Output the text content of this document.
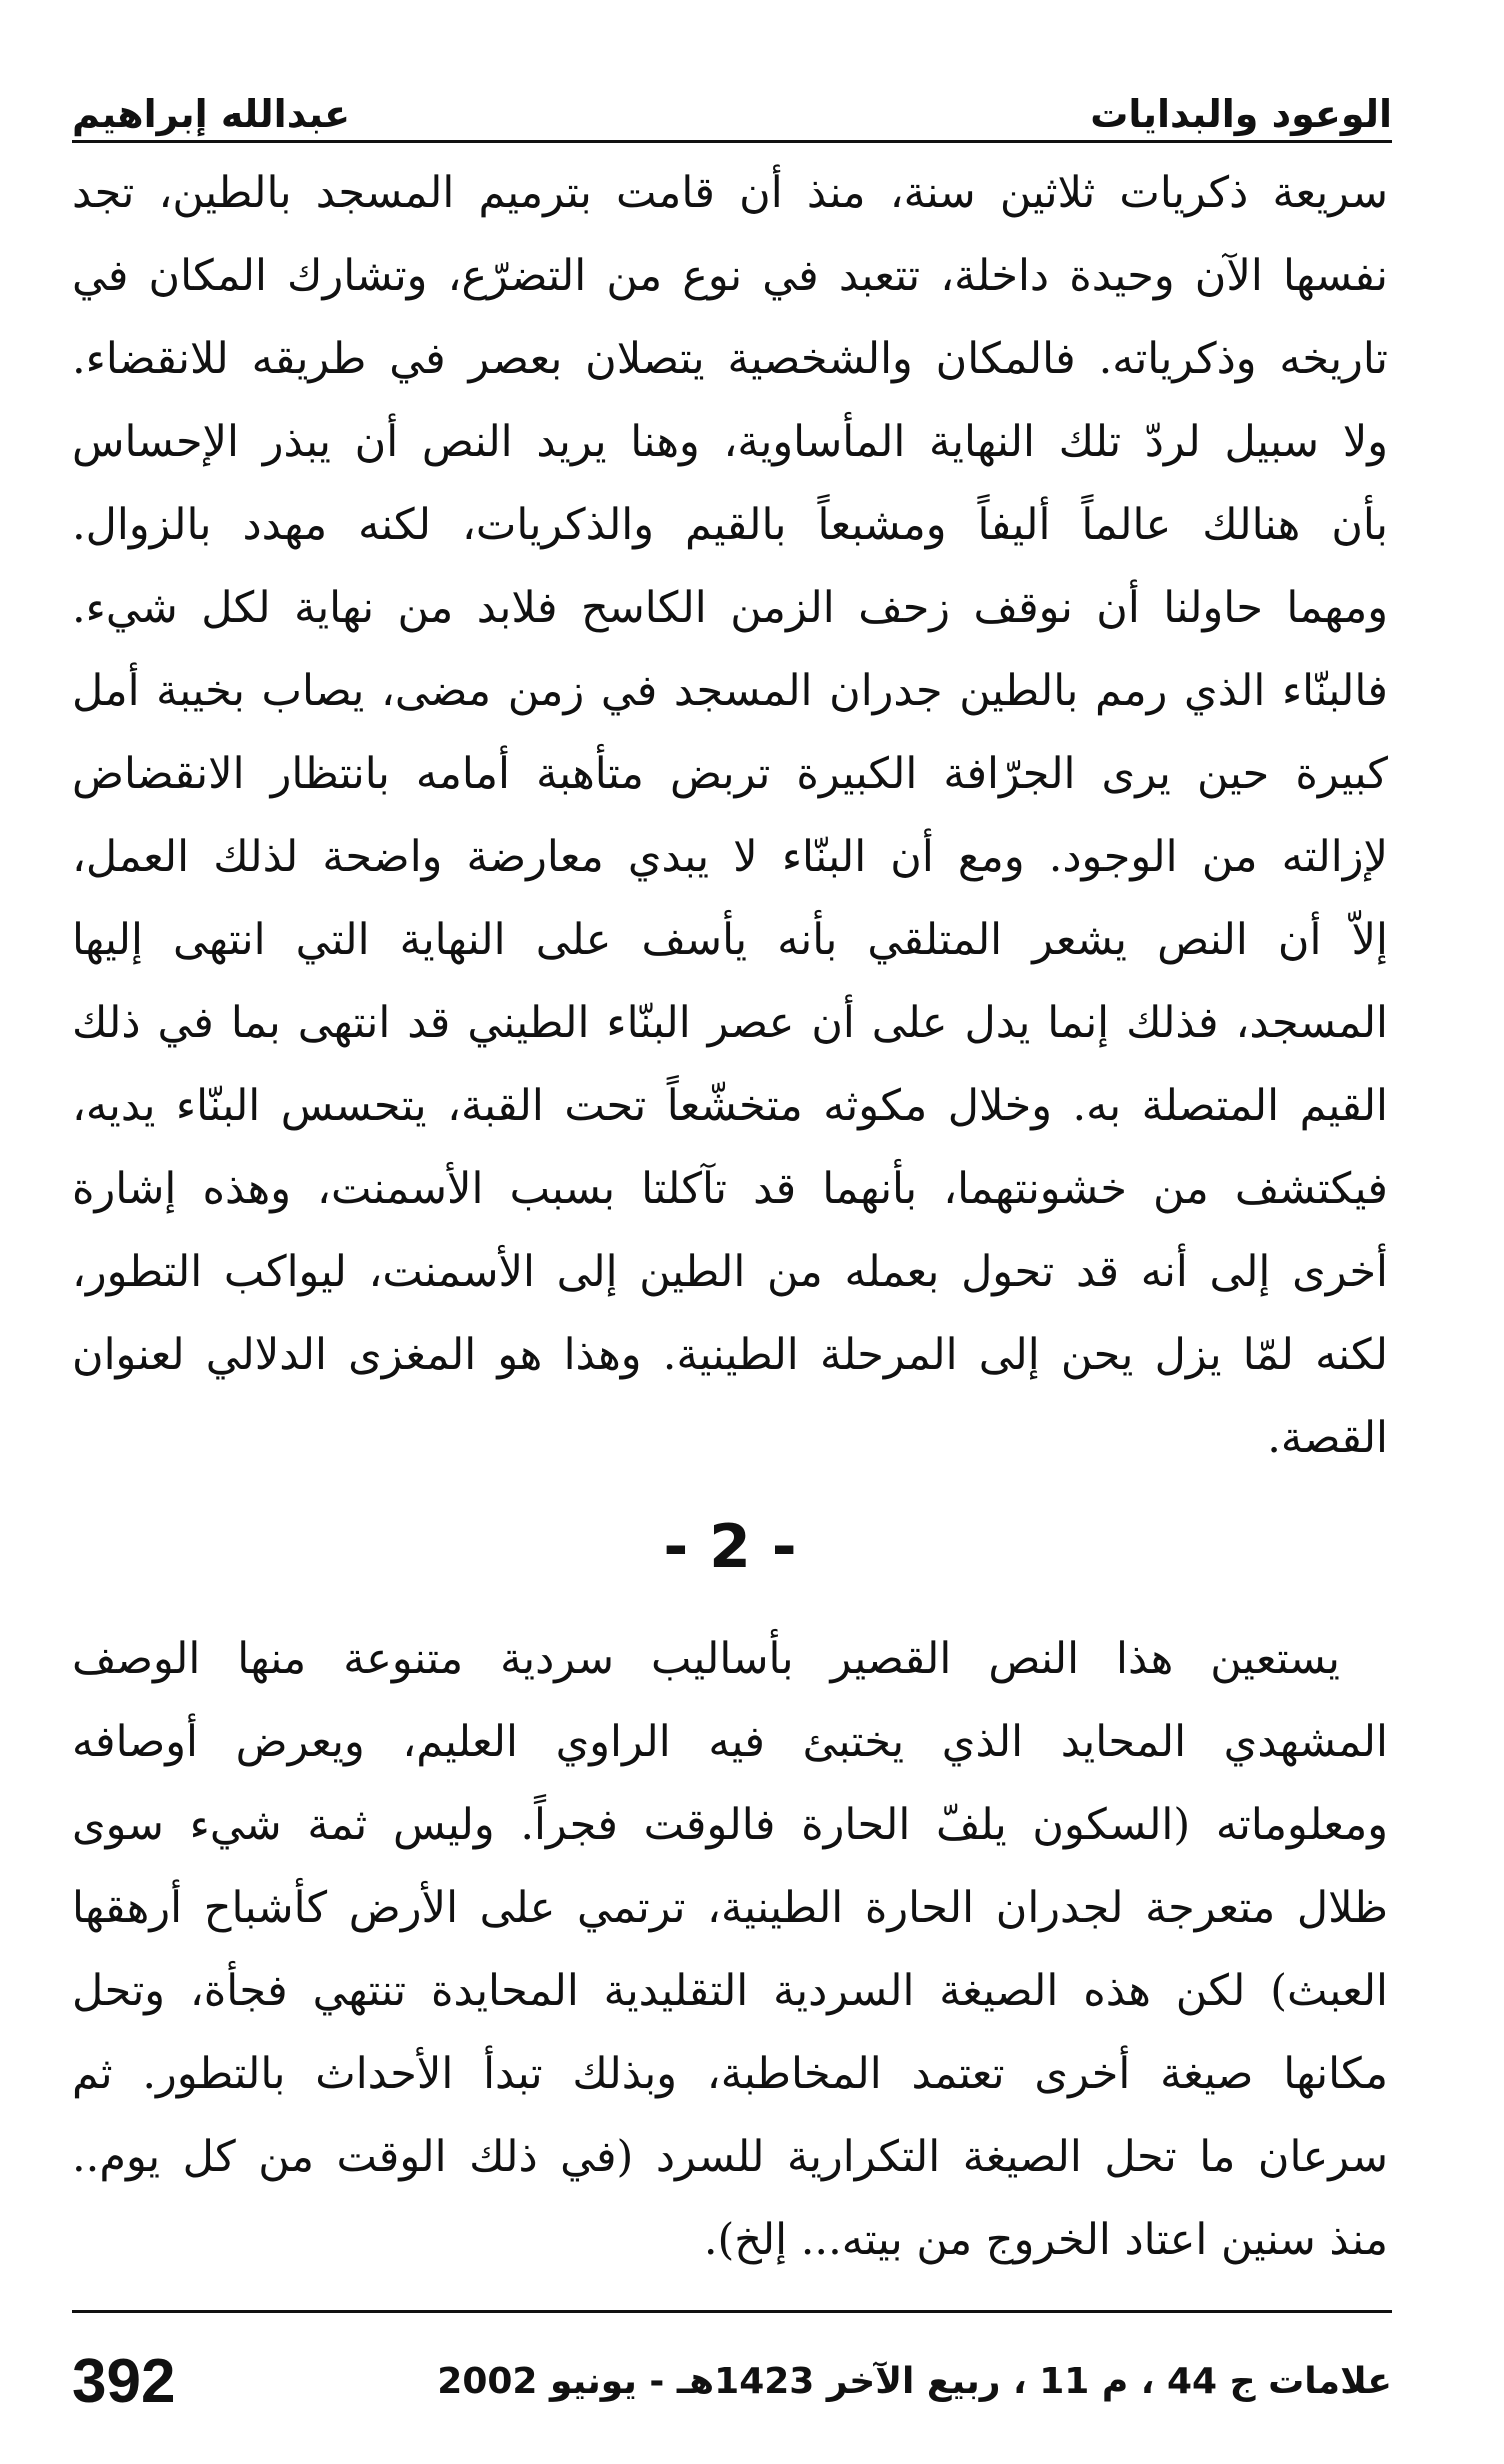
الوعود والبدايات
عبدالله إبراهيم
سريعة ذكريات ثلاثين سنة، منذ أن قامت بترميم المسجد بالطين، تجد
نفسها الآن وحيدة داخلة، تتعبد في نوع من التضرّع، وتشارك المكان في
تاريخه وذكرياته. فالمكان والشخصية يتصلان بعصر في طريقه للانقضاء.
ولا سبيل لردّ تلك النهاية المأساوية، وهنا يريد النص أن يبذر الإحساس
بأن هنالك عالماً أليفاً ومشبعاً بالقيم والذكريات، لكنه مهدد بالزوال.
ومهما حاولنا أن نوقف زحف الزمن الكاسح فلابد من نهاية لكل شيء.
فالبنّاء الذي رمم بالطين جدران المسجد في زمن مضى، يصاب بخيبة أمل
كبيرة حين يرى الجرّافة الكبيرة تربض متأهبة أمامه بانتظار الانقضاض
لإزالته من الوجود. ومع أن البنّاء لا يبدي معارضة واضحة لذلك العمل،
إلاّ أن النص يشعر المتلقي بأنه يأسف على النهاية التي انتهى إليها
المسجد، فذلك إنما يدل على أن عصر البنّاء الطيني قد انتهى بما في ذلك
القيم المتصلة به. وخلال مكوثه متخشّعاً تحت القبة، يتحسس البنّاء يديه،
فيكتشف من خشونتهما، بأنهما قد تآكلتا بسبب الأسمنت، وهذه إشارة
أخرى إلى أنه قد تحول بعمله من الطين إلى الأسمنت، ليواكب التطور،
لكنه لمّا يزل يحن إلى المرحلة الطينية. وهذا هو المغزى الدلالي لعنوان
القصة.
- 2 -
يستعين هذا النص القصير بأساليب سردية متنوعة منها الوصف
المشهدي المحايد الذي يختبئ فيه الراوي العليم، ويعرض أوصافه
ومعلوماته (السكون يلفّ الحارة فالوقت فجراً. وليس ثمة شيء سوى
ظلال متعرجة لجدران الحارة الطينية، ترتمي على الأرض كأشباح أرهقها
العبث) لكن هذه الصيغة السردية التقليدية المحايدة تنتهي فجأة، وتحل
مكانها صيغة أخرى تعتمد المخاطبة، وبذلك تبدأ الأحداث بالتطور. ثم
سرعان ما تحل الصيغة التكرارية للسرد (في ذلك الوقت من كل يوم..
منذ سنين اعتاد الخروج من بيته... إلخ).
392	علامات ج 44 ، م 11 ، ربيع الآخر 1423هـ - يونيو 2002
